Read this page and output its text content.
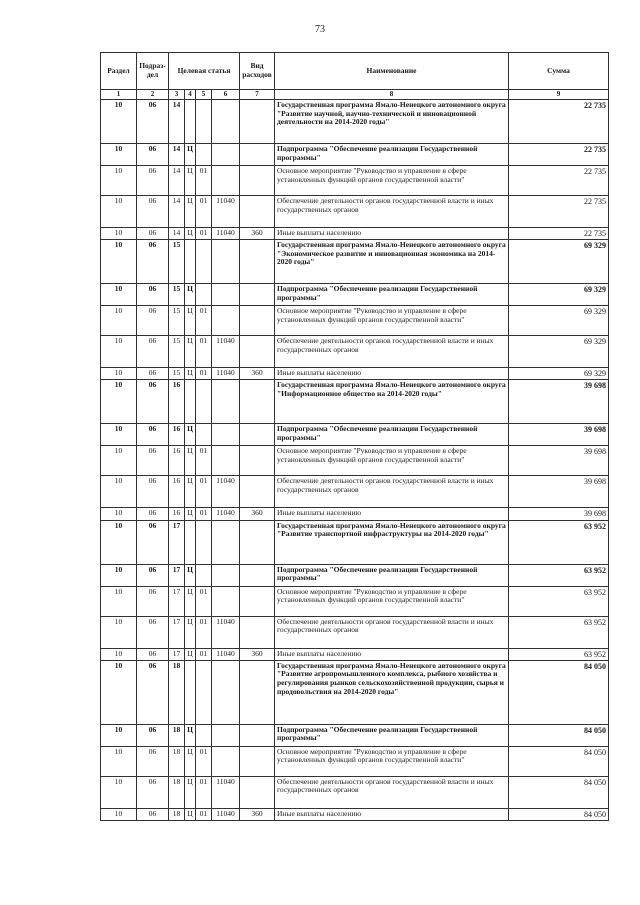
73
Раздел	Подраз-дел	Целевая статья				Вид расходов	Наименование	Сумма
1	2	3	4	5	6	7	8	9
10	06	14					Государственная программа Ямало-Ненецкого автономного округа "Развитие научной, научно-технической и инновационной деятельности на 2014-2020 годы"	22 735
10	06	14	Ц				Подпрограмма "Обеспечение реализации Государственной программы"	22 735
10	06	14	Ц	01			Основное мероприятие "Руководство и управление в сфере установленных функций органов государственной власти"	22 735
10	06	14	Ц	01	11040		Обеспечение деятельности органов государственной власти и иных государственных органов	22 735
10	06	14	Ц	01	11040	360	Иные выплаты населению	22 735
10	06	15					Государственная программа Ямало-Ненецкого автономного округа "Экономическое развитие и инновационная экономика на 2014-2020 годы"	69 329
10	06	15	Ц				Подпрограмма "Обеспечение реализации Государственной программы"	69 329
10	06	15	Ц	01			Основное мероприятие "Руководство и управление в сфере установленных функций органов государственной власти"	69 329
10	06	15	Ц	01	11040		Обеспечение деятельности органов государственной власти и иных государственных органов	69 329
10	06	15	Ц	01	11040	360	Иные выплаты населению	69 329
10	06	16					Государственная программа Ямало-Ненецкого автономного округа "Информационное общество на 2014-2020 годы"	39 698
10	06	16	Ц				Подпрограмма "Обеспечение реализации Государственной программы"	39 698
10	06	16	Ц	01			Основное мероприятие "Руководство и управление в сфере установленных функций органов государственной власти"	39 698
10	06	16	Ц	01	11040		Обеспечение деятельности органов государственной власти и иных государственных органов	39 698
10	06	16	Ц	01	11040	360	Иные выплаты населению	39 698
10	06	17					Государственная программа Ямало-Ненецкого автономного округа "Развитие транспортной инфраструктуры на 2014-2020 годы"	63 952
10	06	17	Ц				Подпрограмма "Обеспечение реализации Государственной программы"	63 952
10	06	17	Ц	01			Основное мероприятие "Руководство и управление в сфере установленных функций органов государственной власти"	63 952
10	06	17	Ц	01	11040		Обеспечение деятельности органов государственной власти и иных государственных органов	63 952
10	06	17	Ц	01	11040	360	Иные выплаты населению	63 952
10	06	18					Государственная программа Ямало-Ненецкого автономного округа "Развитие агропромышленного комплекса, рыбного хозяйства и регулирования рынков сельскохозяйственной продукции, сырья и продовольствия на 2014-2020 годы"	84 050
10	06	18	Ц				Подпрограмма "Обеспечение реализации Государственной программы"	84 050
10	06	18	Ц	01			Основное мероприятие "Руководство и управление в сфере установленных функций органов государственной власти"	84 050
10	06	18	Ц	01	11040		Обеспечение деятельности органов государственной власти и иных государственных органов	84 050
10	06	18	Ц	01	11040	360	Иные выплаты населению	84 050
